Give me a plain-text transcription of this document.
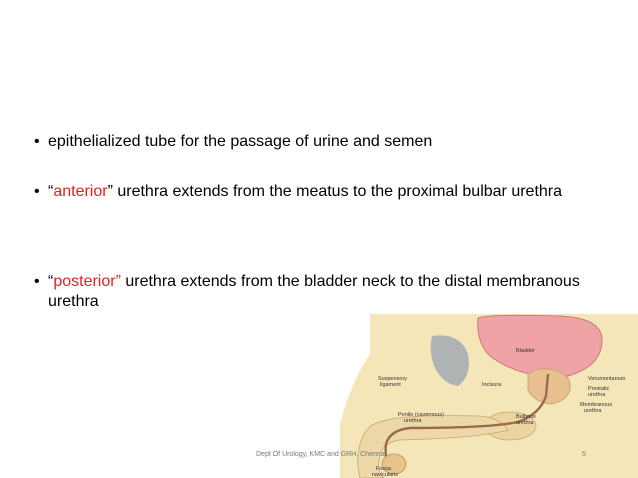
• epithelialized tube for the passage of urine and semen
• “anterior” urethra extends from the meatus to the proximal bulbar urethra
• “posterior” urethra extends from the bladder neck to the distal membranous urethra
Bladder
Suspensory
ligament	Incisura
Verumontanum
Prostatic
urethra
Membranous
urethra
Penile (cavernous)
urethra
Bulbous
urethra
Fossa
navicularis
Dept Of Urology, KMC and GRH, Chennai	5
